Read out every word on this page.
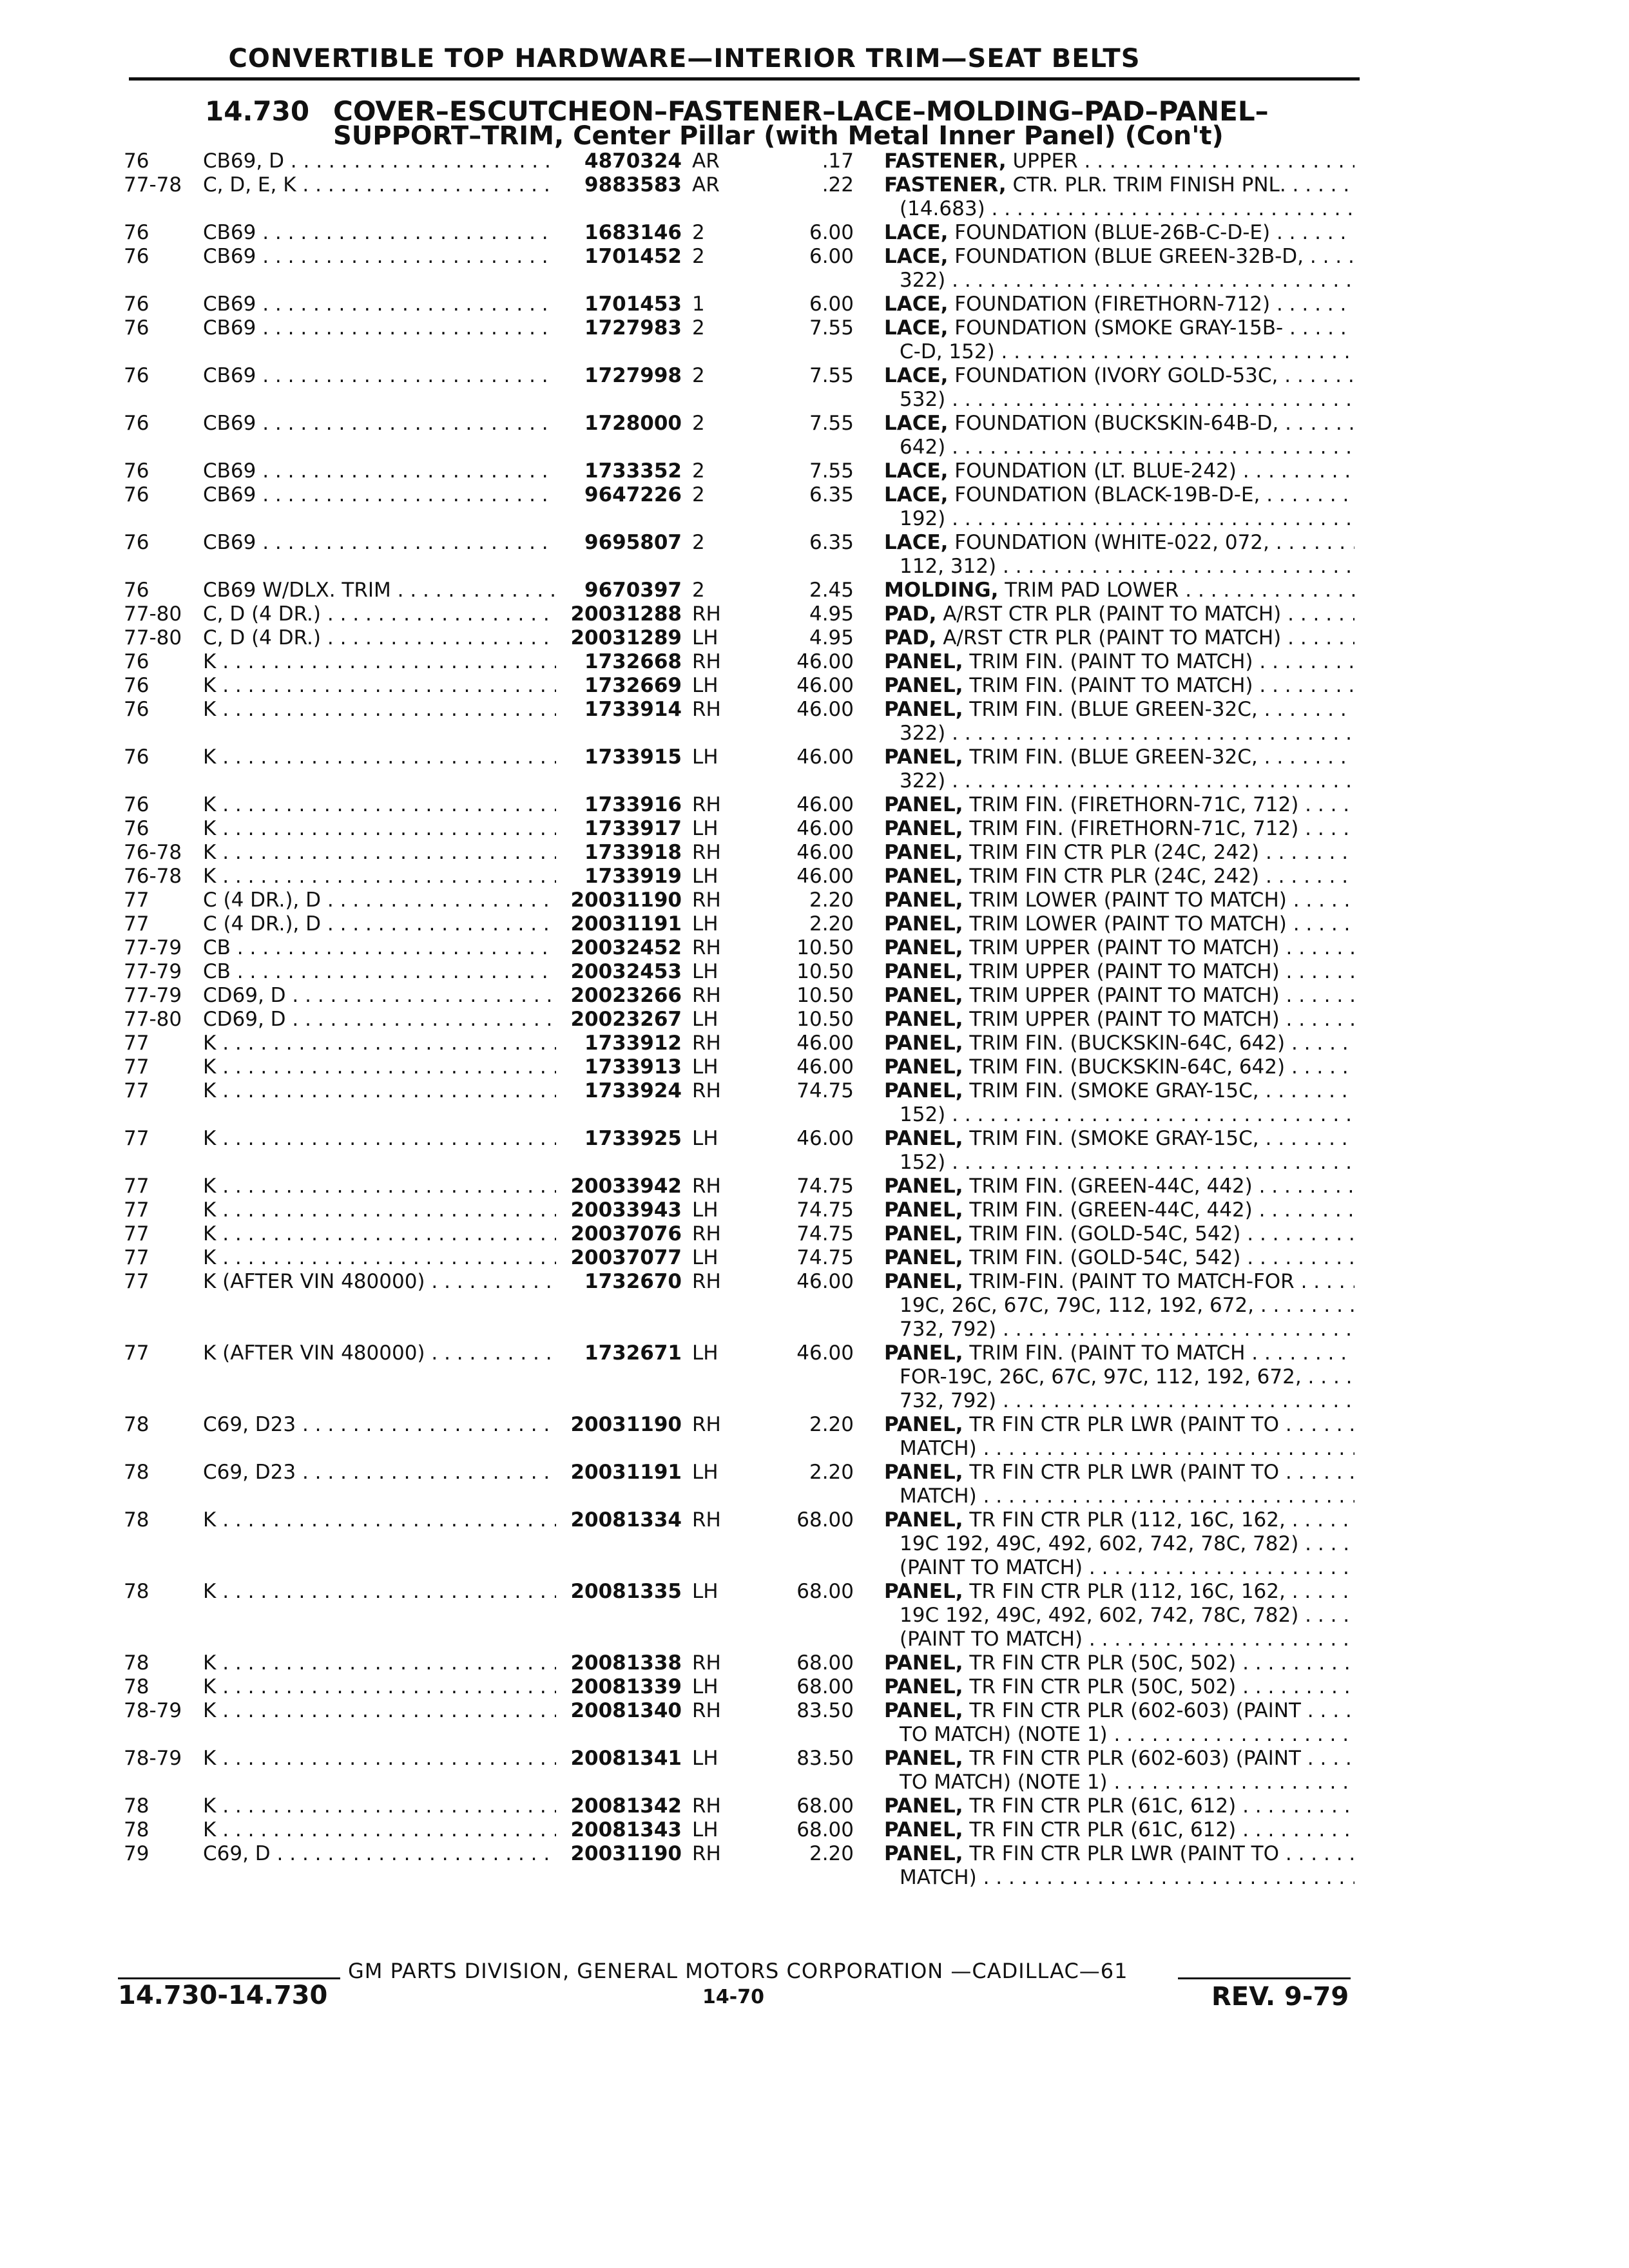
CONVERTIBLE TOP HARDWARE—INTERIOR TRIM—SEAT BELTS
14.730 COVER–ESCUTCHEON–FASTENER–LACE–MOLDING–PAD–PANEL–
SUPPORT–TRIM, Center Pillar (with Metal Inner Panel) (Con't)
76	CB69, D . . .	4870324 AR	.17 FASTENER, UPPER . . .
77-78	C, D, E, K . . .	9883583 AR	.22 FASTENER, CTR. PLR. TRIM FINISH PNL. . . .
(14.683) . . .
76	CB69 . . .	1683146 2	6.00 LACE, FOUNDATION (BLUE-26B-C-D-E) . . .
76	CB69 . . .	1701452 2	6.00 LACE, FOUNDATION (BLUE GREEN-32B-D, . . .
322) . . .
76	CB69 . . .	1701453 1	6.00 LACE, FOUNDATION (FIRETHORN-712) . . .
76	CB69 . . .	1727983 2	7.55 LACE, FOUNDATION (SMOKE GRAY-15B- . . .
C-D, 152) . . .
76	CB69 . . .	1727998 2	7.55 LACE, FOUNDATION (IVORY GOLD-53C, . . .
532) . . .
76	CB69 . . .	1728000 2	7.55 LACE, FOUNDATION (BUCKSKIN-64B-D, . . .
642) . . .
76	CB69 . . .	1733352 2	7.55 LACE, FOUNDATION (LT. BLUE-242) . . .
76	CB69 . . .	9647226 2	6.35 LACE, FOUNDATION (BLACK-19B-D-E, . . .
192) . . .
76	CB69 . . .	9695807 2	6.35 LACE, FOUNDATION (WHITE-022, 072, . . .
112, 312) . . .
76	CB69 W/DLX. TRIM . . .	9670397 2	2.45 MOLDING, TRIM PAD LOWER . . .
77-80	C, D (4 DR.) . . .	20031288 RH	4.95 PAD, A/RST CTR PLR (PAINT TO MATCH) . . .
77-80	C, D (4 DR.) . . .	20031289 LH	4.95 PAD, A/RST CTR PLR (PAINT TO MATCH) . . .
76	K . . .	1732668 RH	46.00 PANEL, TRIM FIN. (PAINT TO MATCH) . . .
76	K . . .	1732669 LH	46.00 PANEL, TRIM FIN. (PAINT TO MATCH) . . .
76	K . . .	1733914 RH	46.00 PANEL, TRIM FIN. (BLUE GREEN-32C, . . .
322) . . .
76	K . . .	1733915 LH	46.00 PANEL, TRIM FIN. (BLUE GREEN-32C, . . .
322) . . .
76	K . . .	1733916 RH	46.00 PANEL, TRIM FIN. (FIRETHORN-71C, 712) . . .
76	K . . .	1733917 LH	46.00 PANEL, TRIM FIN. (FIRETHORN-71C, 712) . . .
76-78	K . . .	1733918 RH	46.00 PANEL, TRIM FIN CTR PLR (24C, 242) . . .
76-78	K . . .	1733919 LH	46.00 PANEL, TRIM FIN CTR PLR (24C, 242) . . .
77	C (4 DR.), D . . .	20031190 RH	2.20 PANEL, TRIM LOWER (PAINT TO MATCH) . . .
77	C (4 DR.), D . . .	20031191 LH	2.20 PANEL, TRIM LOWER (PAINT TO MATCH) . . .
77-79	CB . . .	20032452 RH	10.50 PANEL, TRIM UPPER (PAINT TO MATCH) . . .
77-79	CB . . .	20032453 LH	10.50 PANEL, TRIM UPPER (PAINT TO MATCH) . . .
77-79	CD69, D . . .	20023266 RH	10.50 PANEL, TRIM UPPER (PAINT TO MATCH) . . .
77-80	CD69, D . . .	20023267 LH	10.50 PANEL, TRIM UPPER (PAINT TO MATCH) . . .
77	K . . .	1733912 RH	46.00 PANEL, TRIM FIN. (BUCKSKIN-64C, 642) . . .
77	K . . .	1733913 LH	46.00 PANEL, TRIM FIN. (BUCKSKIN-64C, 642) . . .
77	K . . .	1733924 RH	74.75 PANEL, TRIM FIN. (SMOKE GRAY-15C, . . .
152) . . .
77	K . . .	1733925 LH	46.00 PANEL, TRIM FIN. (SMOKE GRAY-15C, . . .
152) . . .
77	K . . .	20033942 RH	74.75 PANEL, TRIM FIN. (GREEN-44C, 442) . . .
77	K . . .	20033943 LH	74.75 PANEL, TRIM FIN. (GREEN-44C, 442) . . .
77	K . . .	20037076 RH	74.75 PANEL, TRIM FIN. (GOLD-54C, 542) . . .
77	K . . .	20037077 LH	74.75 PANEL, TRIM FIN. (GOLD-54C, 542) . . .
77	K (AFTER VIN 480000) . . .	1732670 RH	46.00 PANEL, TRIM-FIN. (PAINT TO MATCH-FOR . . .
19C, 26C, 67C, 79C, 112, 192, 672, . . .
732, 792) . . .
77	K (AFTER VIN 480000) . . .	1732671 LH	46.00 PANEL, TRIM FIN. (PAINT TO MATCH . . .
FOR-19C, 26C, 67C, 97C, 112, 192, 672, . . .
732, 792) . . .
78	C69, D23 . . .	20031190 RH	2.20 PANEL, TR FIN CTR PLR LWR (PAINT TO . . .
MATCH) . . .
78	C69, D23 . . .	20031191 LH	2.20 PANEL, TR FIN CTR PLR LWR (PAINT TO . . .
MATCH) . . .
78	K . . .	20081334 RH	68.00 PANEL, TR FIN CTR PLR (112, 16C, 162, . . .
19C 192, 49C, 492, 602, 742, 78C, 782) . . .
(PAINT TO MATCH) . . .
78	K . . .	20081335 LH	68.00 PANEL, TR FIN CTR PLR (112, 16C, 162, . . .
19C 192, 49C, 492, 602, 742, 78C, 782) . . .
(PAINT TO MATCH) . . .
78	K . . .	20081338 RH	68.00 PANEL, TR FIN CTR PLR (50C, 502) . . .
78	K . . .	20081339 LH	68.00 PANEL, TR FIN CTR PLR (50C, 502) . . .
78-79	K . . .	20081340 RH	83.50 PANEL, TR FIN CTR PLR (602-603) (PAINT . . .
TO MATCH) (NOTE 1) . . .
78-79	K . . .	20081341 LH	83.50 PANEL, TR FIN CTR PLR (602-603) (PAINT . . .
TO MATCH) (NOTE 1) . . .
78	K . . .	20081342 RH	68.00 PANEL, TR FIN CTR PLR (61C, 612) . . .
78	K . . .	20081343 LH	68.00 PANEL, TR FIN CTR PLR (61C, 612) . . .
79	C69, D . . .	20031190 RH	2.20 PANEL, TR FIN CTR PLR LWR (PAINT TO . . .
MATCH) . . .
GM PARTS DIVISION, GENERAL MOTORS CORPORATION —CADILLAC—61
14.730-14.730	14-70	REV. 9-79
